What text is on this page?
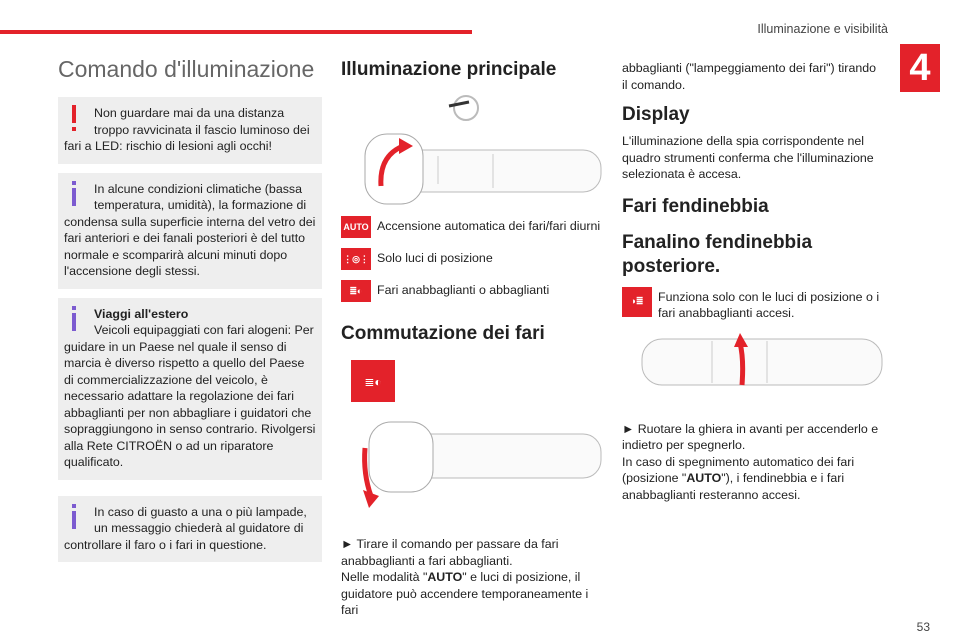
Illuminazione e visibilità
4
53
Comando d'illuminazione
Non guardare mai da una distanza troppo ravvicinata il fascio luminoso dei fari a LED: rischio di lesioni agli occhi!
In alcune condizioni climatiche (bassa temperatura, umidità), la formazione di condensa sulla superficie interna del vetro dei fari anteriori e dei fanali posteriori è del tutto normale e scomparirà alcuni minuti dopo l'accensione degli stessi.
Viaggi all'estero
Veicoli equipaggiati con fari alogeni: Per guidare in un Paese nel quale il senso di marcia è diverso rispetto a quello del Paese di commercializzazione del veicolo, è necessario adattare la regolazione dei fari abbaglianti per non abbagliare i guidatori che sopraggiungono in senso contrario. Rivolgersi alla Rete CITROËN o ad un riparatore qualificato.
In caso di guasto a una o più lampade, un messaggio chiederà al guidatore di controllare il faro o i fari in questione.
Illuminazione principale
AUTO Accensione automatica dei fari/fari diurni
⋮◎⋮ Solo luci di posizione
≣◐	Fari anabbaglianti o abbaglianti
Commutazione dei fari
≣◐

► Tirare il comando per passare da fari anabbaglianti a fari abbaglianti.

Nelle modalità "AUTO" e luci di posizione, il guidatore può accendere temporaneamente i fari

abbaglianti ("lampeggiamento dei fari") tirando il comando.

Display

L'illuminazione della spia corrispondente nel quadro strumenti conferma che l'illuminazione selezionata è accesa.

Fari fendinebbia
Fanalino fendinebbia posteriore.
◑≣	Funziona solo con le luci di posizione o i fari anabbaglianti accesi.

► Ruotare la ghiera in avanti per accenderlo e indietro per spegnerlo.

In caso di spegnimento automatico dei fari (posizione "AUTO"), i fendinebbia e i fari anabbaglianti resteranno accesi.
